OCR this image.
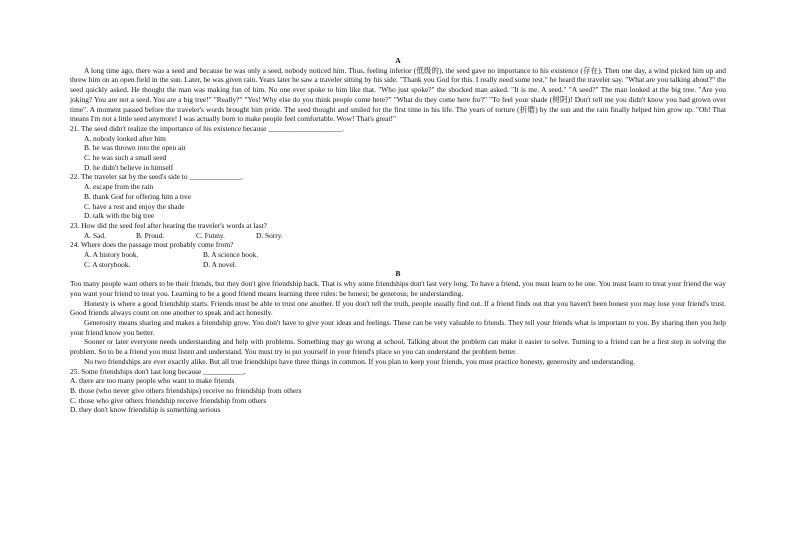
A

A long time ago, there was a seed and because he was only a seed, nobody noticed him. Thus, feeling inferior (低级的), the seed gave no importance to his existence (存在). Then one day, a wind picked him up and threw him on an open field in the sun. Later, he was given rain. Years later he saw a traveler sitting by his side. "Thank you God for this. I really need some rest," he heard the traveler say. "What are you talking about?" the seed quickly asked. He thought the man was making fun of him. No one ever spoke to him like that. "Who just spoke?" the shocked man asked. "It is me. A seed." "A seed?" The man looked at the big tree. "Are you joking? You are not a seed. You are a big tree!" "Really?" "Yes! Why else do you think people come here?" "What do they come here for?" "To feel your shade (树阴)! Don't tell me you didn't know you had grown over time". A moment passed before the traveler's words brought him pride. The seed thought and smiled for the first time in his life. The years of torture (折磨) by the sun and the rain finally helped him grow up. "Oh! That means I'm not a little seed anymore! I was actually born to make people feel comfortable. Wow! That's great!"

21. The seed didn't realize the importance of his existence because ____________________.

A. nobody looked after him

B. he was thrown into the open air

C. he was such a small seed

D. he didn't believe in himself

22. The traveler sat by the seed's side to ______________.

A. escape from the rain

B. thank God for offering him a tree

C. have a rest and enjoy the shade

D. talk with the big tree

23. How did the seed feel after hearing the traveler's words at last?

A. Sad.	B. Proud.	C. Funny.	D. Sorry.

24. Where does the passage most probably come from?

A. A history book.	B. A science book.
C. A storybook.	D. A novel.

B

Too many people want others to be their friends, but they don't give friendship back. That is why some friendships don't last very long. To have a friend, you must learn to be one. You must learn to treat your friend the way you want your friend to treat you. Learning to be a good friend means learning three rules: be honest; be generous; be understanding.

Honesty is where a good friendship starts. Friends must be able to trust one another. If you don't tell the truth, people usually find out. If a friend finds out that you haven't been honest you may lose your friend's trust. Good friends always count on one another to speak and act honestly.

Generosity means sharing and makes a friendship grow. You don't have to give your ideas and feelings. These can be very valuable to friends. They tell your friends what is important to you. By sharing then you help your friend know you better.

Sooner or later everyone needs understanding and help with problems. Something may go wrong at school. Talking about the problem can make it easier to solve. Turning to a friend can be a first step in solving the problem. So to be a friend you must listen and understand. You must try to put yourself in your friend's place so you can understand the problem better.

No two friendships are ever exactly alike. But all true friendships have three things in common. If you plan to keep your friends, you must practice honesty, generosity and understanding.

25. Some friendships don't last long because ___________.

A. there are too many people who want to make friends

B. those (who never give others friendships) receive no friendship from others

C. those who give others friendship receive friendship from others

D. they don't know friendship is something serious
